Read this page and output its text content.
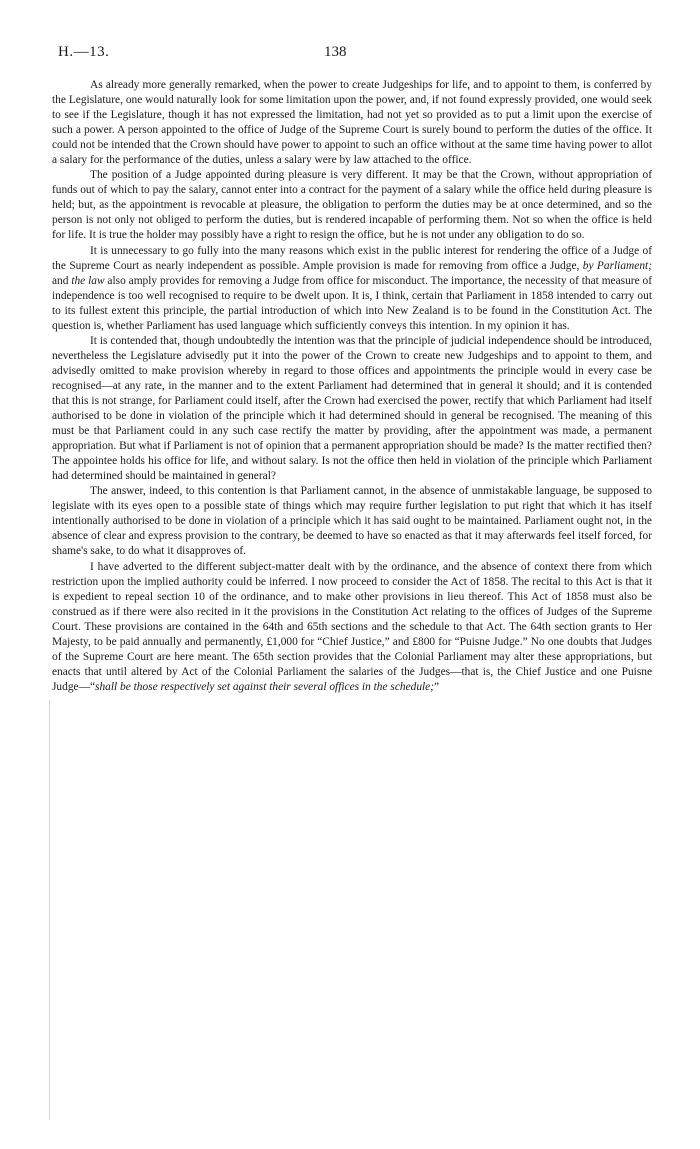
H.—13.	138

As already more generally remarked, when the power to create Judgeships for life, and to appoint to them, is conferred by the Legislature, one would naturally look for some limitation upon the power, and, if not found expressly provided, one would seek to see if the Legislature, though it has not expressed the limitation, had not yet so provided as to put a limit upon the exercise of such a power. A person appointed to the office of Judge of the Supreme Court is surely bound to perform the duties of the office. It could not be intended that the Crown should have power to appoint to such an office without at the same time having power to allot a salary for the performance of the duties, unless a salary were by law attached to the office.

The position of a Judge appointed during pleasure is very different. It may be that the Crown, without appropriation of funds out of which to pay the salary, cannot enter into a contract for the payment of a salary while the office held during pleasure is held; but, as the appointment is revocable at pleasure, the obligation to perform the duties may be at once determined, and so the person is not only not obliged to perform the duties, but is rendered incapable of performing them. Not so when the office is held for life. It is true the holder may possibly have a right to resign the office, but he is not under any obligation to do so.

It is unnecessary to go fully into the many reasons which exist in the public interest for rendering the office of a Judge of the Supreme Court as nearly independent as possible. Ample provision is made for removing from office a Judge, by Parliament; and the law also amply provides for removing a Judge from office for misconduct. The importance, the necessity of that measure of independence is too well recognised to require to be dwelt upon. It is, I think, certain that Parliament in 1858 intended to carry out to its fullest extent this principle, the partial introduction of which into New Zealand is to be found in the Constitution Act. The question is, whether Parliament has used language which sufficiently conveys this intention. In my opinion it has.

It is contended that, though undoubtedly the intention was that the principle of judicial independence should be introduced, nevertheless the Legislature advisedly put it into the power of the Crown to create new Judgeships and to appoint to them, and advisedly omitted to make provision whereby in regard to those offices and appointments the principle would in every case be recognised—at any rate, in the manner and to the extent Parliament had determined that in general it should; and it is contended that this is not strange, for Parliament could itself, after the Crown had exercised the power, rectify that which Parliament had itself authorised to be done in violation of the principle which it had determined should in general be recognised. The meaning of this must be that Parliament could in any such case rectify the matter by providing, after the appointment was made, a permanent appropriation. But what if Parliament is not of opinion that a permanent appropriation should be made? Is the matter rectified then? The appointee holds his office for life, and without salary. Is not the office then held in violation of the principle which Parliament had determined should be maintained in general?

The answer, indeed, to this contention is that Parliament cannot, in the absence of unmistakable language, be supposed to legislate with its eyes open to a possible state of things which may require further legislation to put right that which it has itself intentionally authorised to be done in violation of a principle which it has said ought to be maintained. Parliament ought not, in the absence of clear and express provision to the contrary, be deemed to have so enacted as that it may afterwards feel itself forced, for shame's sake, to do what it disapproves of.

I have adverted to the different subject-matter dealt with by the ordinance, and the absence of context there from which restriction upon the implied authority could be inferred. I now proceed to consider the Act of 1858. The recital to this Act is that it is expedient to repeal section 10 of the ordinance, and to make other provisions in lieu thereof. This Act of 1858 must also be construed as if there were also recited in it the provisions in the Constitution Act relating to the offices of Judges of the Supreme Court. These provisions are contained in the 64th and 65th sections and the schedule to that Act. The 64th section grants to Her Majesty, to be paid annually and permanently, £1,000 for “Chief Justice,” and £800 for “Puisne Judge.” No one doubts that Judges of the Supreme Court are here meant. The 65th section provides that the Colonial Parliament may alter these appropriations, but enacts that until altered by Act of the Colonial Parliament the salaries of the Judges—that is, the Chief Justice and one Puisne Judge—“shall be those respectively set against their several offices in the schedule;”
